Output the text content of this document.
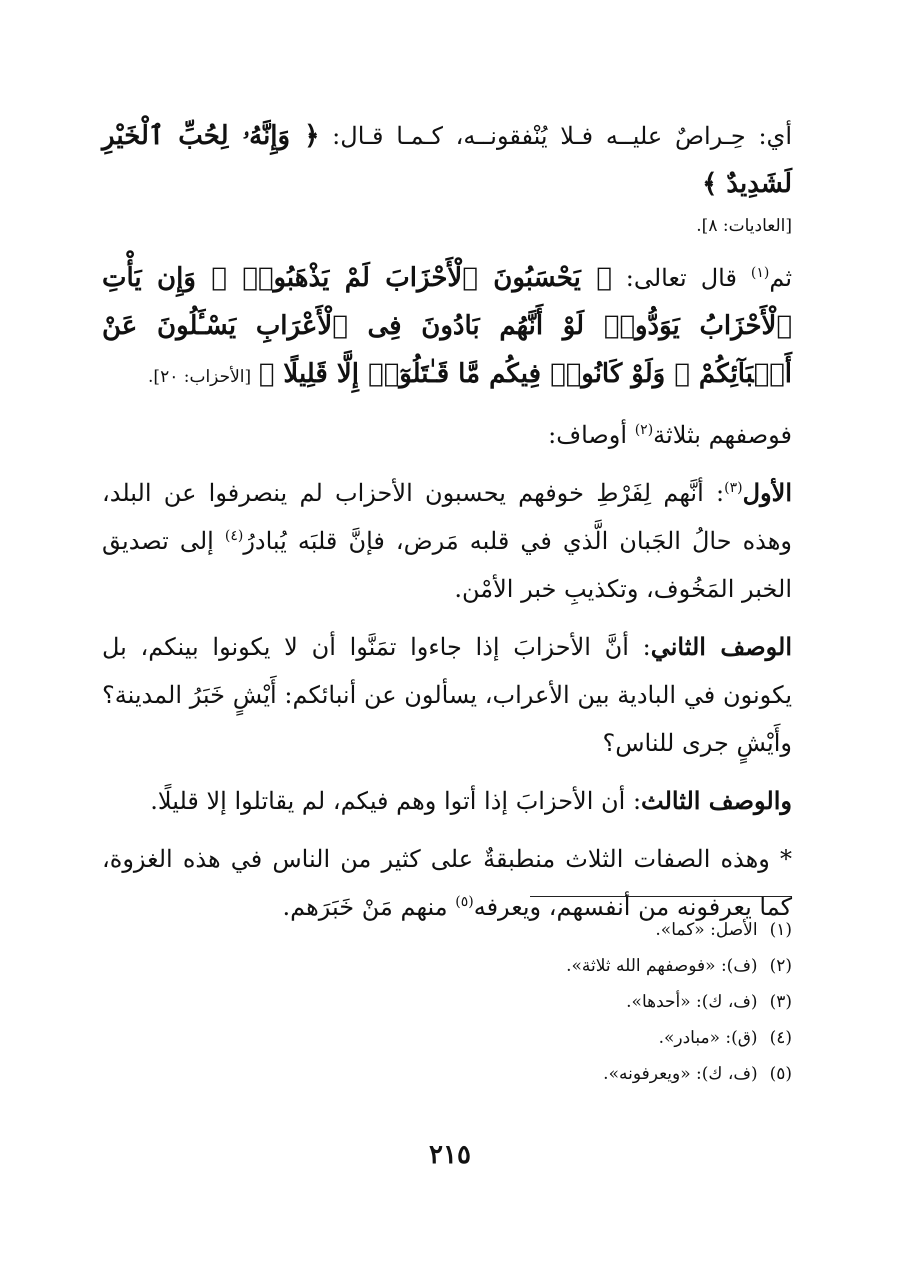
أي: حِـراصٌ عليــه فـلا يُنْفقونــه، كـمـا قـال: ﴿ وَإِنَّهُۥ لِحُبِّ ٱلْخَيْرِ لَشَدِيدٌ ﴾
[العاديات: ٨].

ثم$^{(١)}$ قال تعالى: ﴿ يَحْسَبُونَ ٱلْأَحْزَابَ لَمْ يَذْهَبُوا۟ ۖ وَإِن يَأْتِ ٱلْأَحْزَابُ يَوَدُّوا۟ لَوْ أَنَّهُم بَادُونَ فِى ٱلْأَعْرَابِ يَسْـَٔلُونَ عَنْ أَنۢبَآئِكُمْ ۖ وَلَوْ كَانُوا۟ فِيكُم مَّا قَـٰتَلُوٓا۟ إِلَّا قَلِيلًا ﴾ [الأحزاب: ٢٠].

فوصفهم بثلاثة$^{(٢)}$ أوصاف:

الأول$^{(٣)}$: أنَّهم لِفَرْطِ خوفهم يحسبون الأحزاب لم ينصرفوا عن البلد، وهذه حالُ الجَبان الَّذي في قلبه مَرض، فإنَّ قلبَه يُبادرُ$^{(٤)}$ إلى تصديق الخبر المَخُوف، وتكذيبِ خبر الأمْن.

الوصف الثاني: أنَّ الأحزابَ إذا جاءوا تمَنَّوا أن لا يكونوا بينكم، بل يكونون في البادية بين الأعراب، يسألون عن أنبائكم: أَيْشٍ خَبَرُ المدينة؟ وأَيْشٍ جرى للناس؟

والوصف الثالث: أن الأحزابَ إذا أتوا وهم فيكم، لم يقاتلوا إلا قليلًا.

* وهذه الصفات الثلاث منطبقةٌ على كثير من الناس في هذه الغزوة، كما يعرفونه من أنفسهم، ويعرفه$^{(٥)}$ منهم مَنْ خَبَرَهم.

(١)الأصل: «كما».
(٢)(ف): «فوصفهم الله ثلاثة».
(٣)(ف، ك): «أحدها».
(٤)(ق): «مبادر».
(٥)(ف، ك): «ويعرفونه».
٢١٥
